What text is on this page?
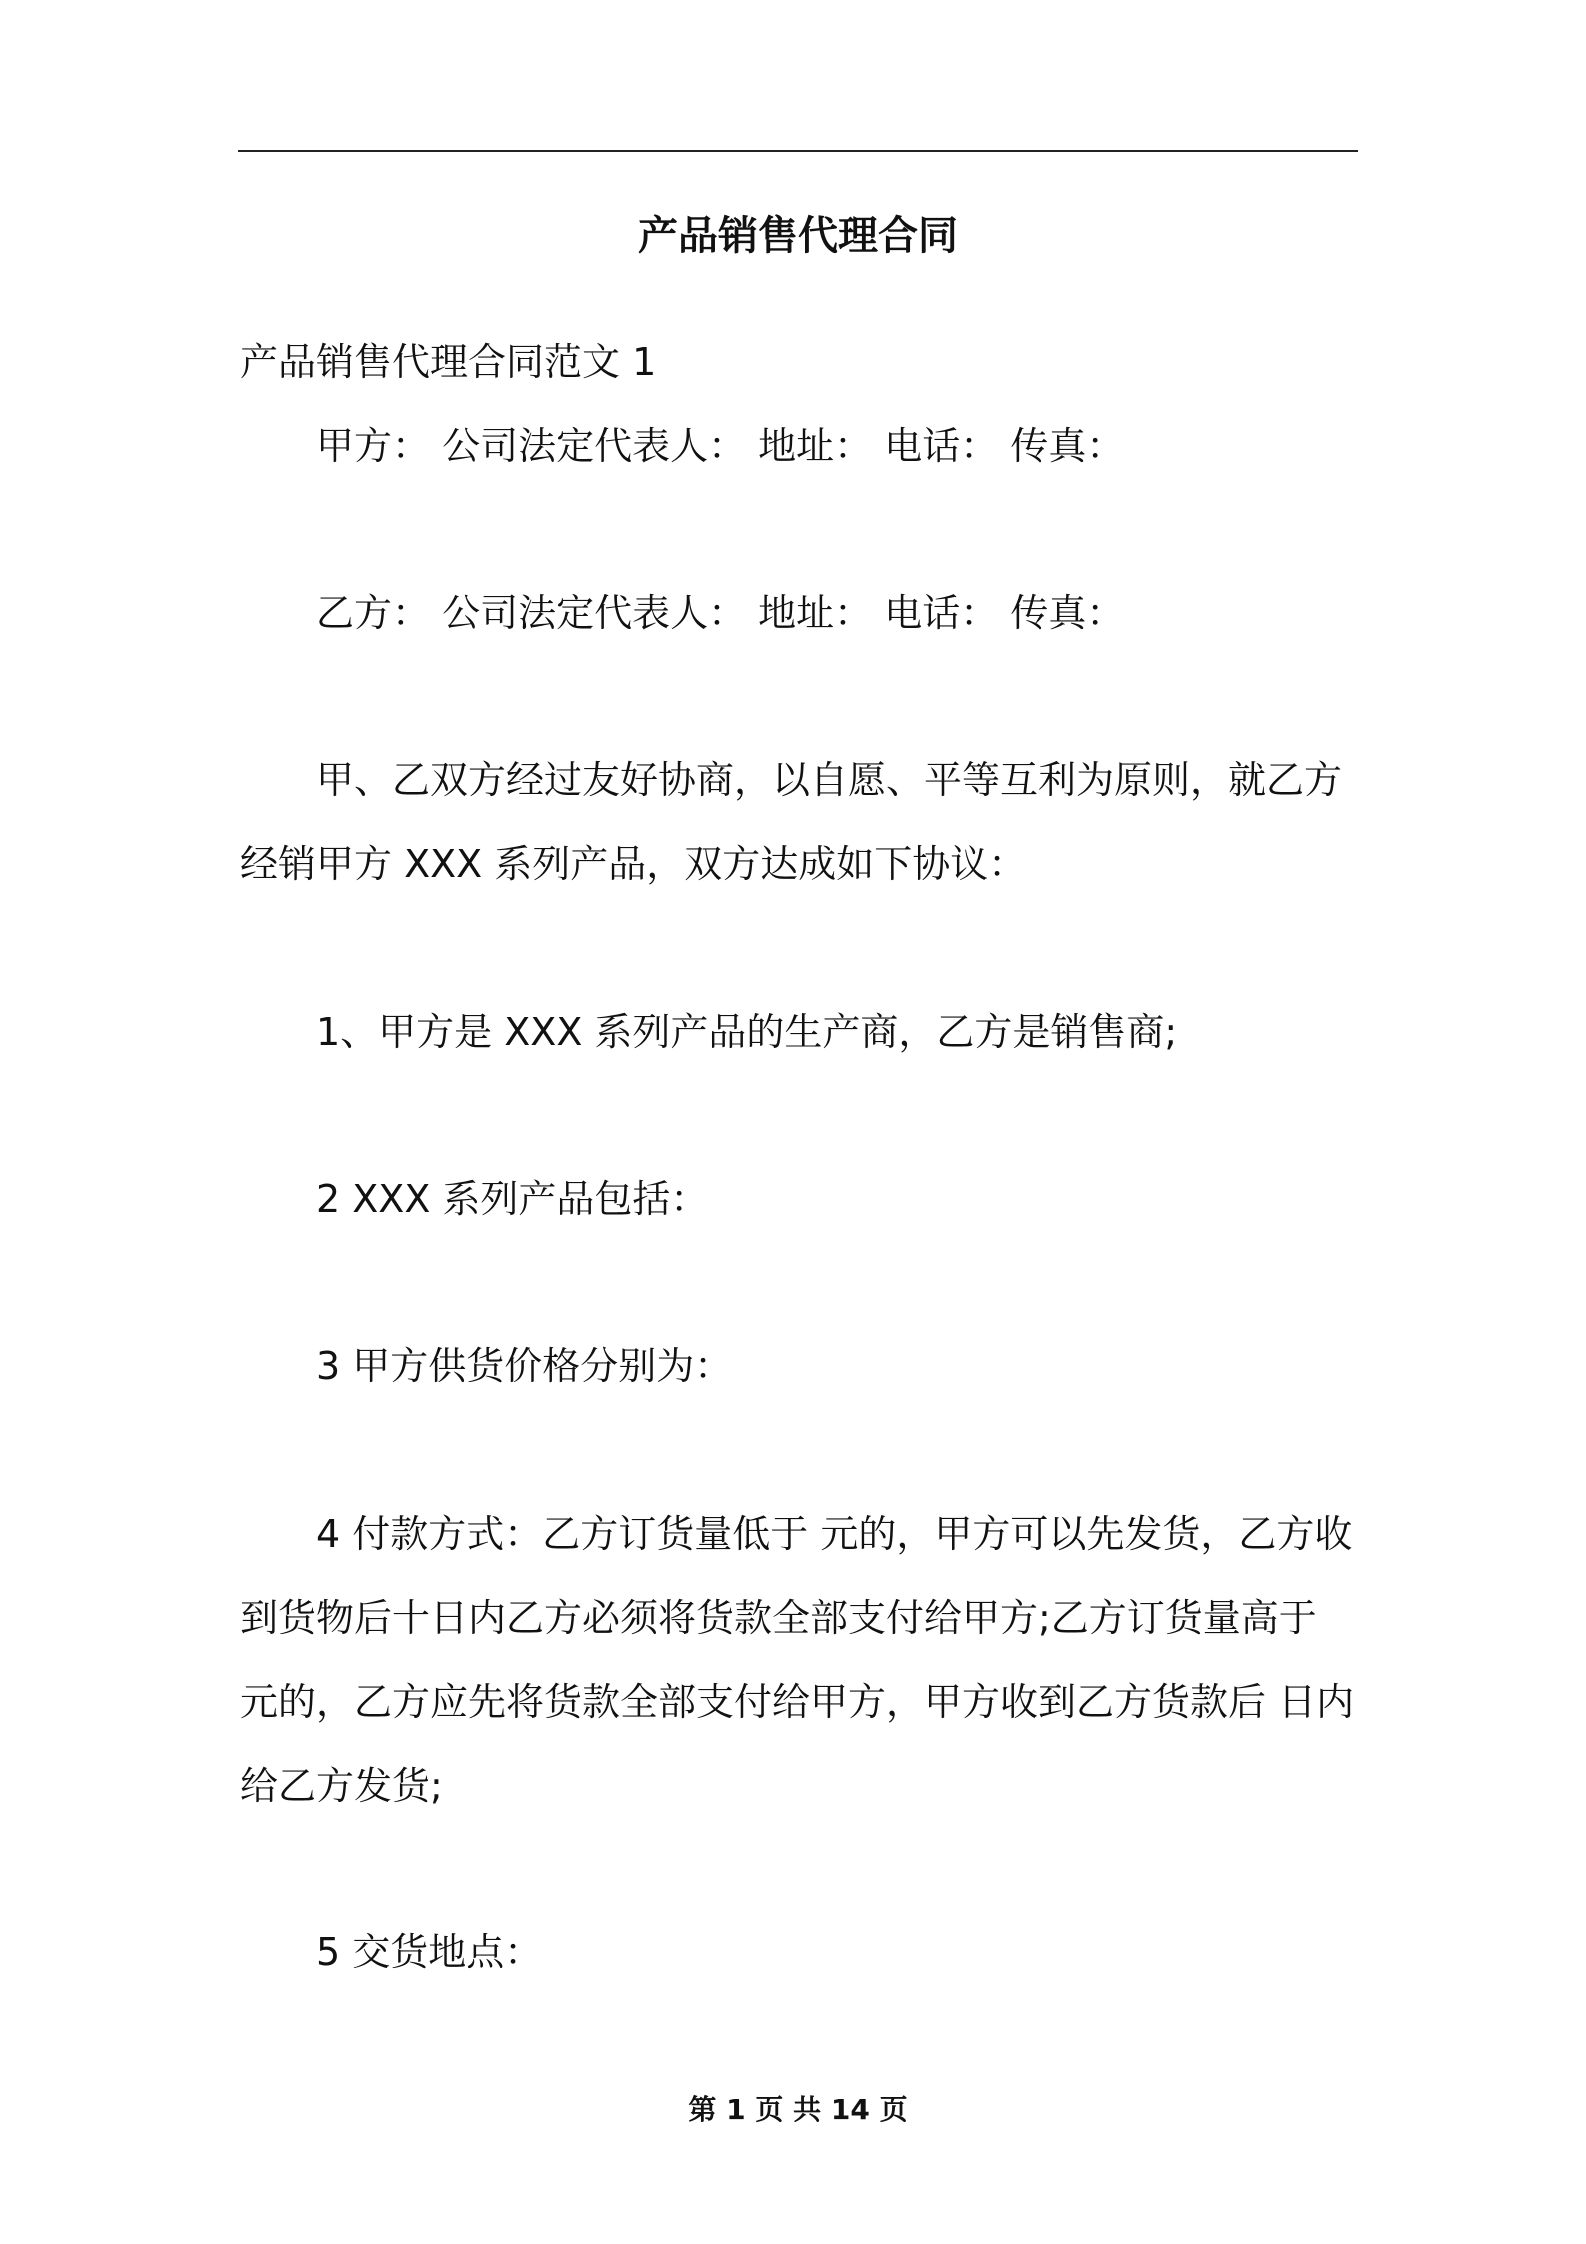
产品销售代理合同
产品销售代理合同范文 1
甲方： 公司法定代表人： 地址： 电话： 传真：
乙方： 公司法定代表人： 地址： 电话： 传真：
甲、乙双方经过友好协商，以自愿、平等互利为原则，就乙方经销甲方 XXX 系列产品，双方达成如下协议：
1、甲方是 XXX 系列产品的生产商，乙方是销售商;
2 XXX 系列产品包括：
3 甲方供货价格分别为：
4 付款方式：乙方订货量低于 元的，甲方可以先发货，乙方收到货物后十日内乙方必须将货款全部支付给甲方;乙方订货量高于 元的，乙方应先将货款全部支付给甲方，甲方收到乙方货款后 日内给乙方发货;
5 交货地点：
第 1 页 共 14 页
